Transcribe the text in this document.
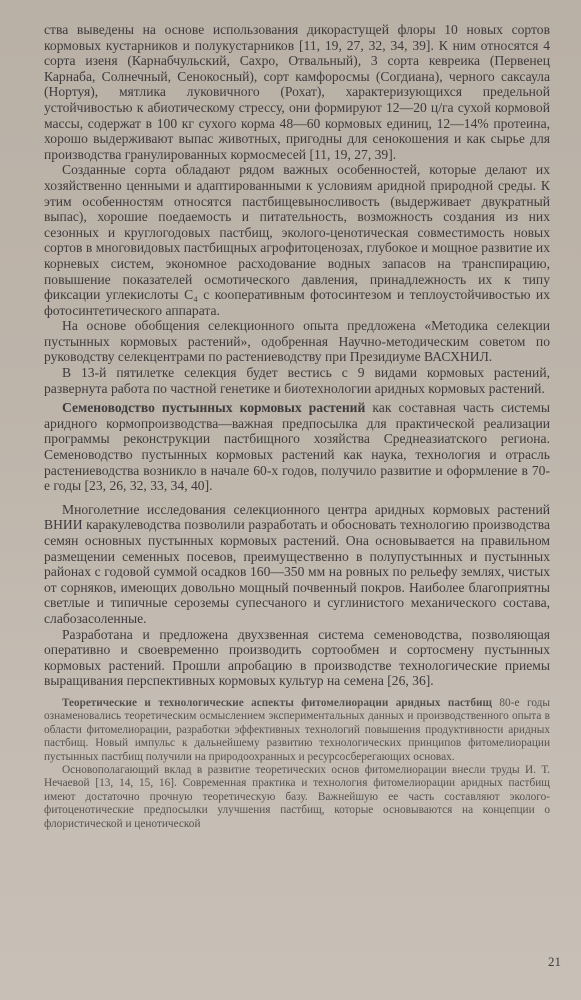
ства выведены на основе использования дикорастущей флоры 10 новых сортов кормовых кустарников и полукустарников [11, 19, 27, 32, 34, 39]. К ним относятся 4 сорта изеня (Карнабчульский, Сахро, Отвальный), 3 сорта кевреика (Первенец Карнаба, Солнечный, Сенокосный), сорт камфоросмы (Согдиана), черного саксаула (Нортуя), мятлика луковичного (Рохат), характеризующихся предельной устойчивостью к абиотическому стрессу, они формируют 12—20 ц/га сухой кормовой массы, содержат в 100 кг сухого корма 48—60 кормовых единиц, 12—14% протеина, хорошо выдерживают выпас животных, пригодны для сенокошения и как сырье для производства гранулированных кормосмесей [11, 19, 27, 39].

Созданные сорта обладают рядом важных особенностей, которые делают их хозяйственно ценными и адаптированными к условиям аридной природной среды. К этим особенностям относятся пастбищевыносливость (выдерживает двукратный выпас), хорошие поедаемость и питательность, возможность создания из них сезонных и круглогодовых пастбищ, эколого-ценотическая совместимость новых сортов в многовидовых пастбищных агрофитоценозах, глубокое и мощное развитие их корневых систем, экономное расходование водных запасов на транспирацию, повышение показателей осмотического давления, принадлежность их к типу фиксации углекислоты С₄ с кооперативным фотосинтезом и теплоустойчивостью их фотосинтетического аппарата.

На основе обобщения селекционного опыта предложена «Методика селекции пустынных кормовых растений», одобренная Научно-методическим советом по руководству селекцентрами по растениеводству при Президиуме ВАСХНИЛ.

В 13-й пятилетке селекция будет вестись с 9 видами кормовых растений, развернута работа по частной генетике и биотехнологии аридных кормовых растений.

Семеноводство пустынных кормовых растений как составная часть системы аридного кормопроизводства—важная предпосылка для практической реализации программы реконструкции пастбищного хозяйства Среднеазиатского региона. Семеноводство пустынных кормовых растений как наука, технология и отрасль растениеводства возникло в начале 60-х годов, получило развитие и оформление в 70-е годы [23, 26, 32, 33, 34, 40].

Многолетние исследования селекционного центра аридных кормовых растений ВНИИ каракулеводства позволили разработать и обосновать технологию производства семян основных пустынных кормовых растений. Она основывается на правильном размещении семенных посевов, преимущественно в полупустынных и пустынных районах с годовой суммой осадков 160—350 мм на ровных по рельефу землях, чистых от сорняков, имеющих довольно мощный почвенный покров. Наиболее благоприятны светлые и типичные сероземы супесчаного и суглинистого механического состава, слабозасоленные.

Разработана и предложена двухзвенная система семеноводства, позволяющая оперативно и своевременно производить сортообмен и сортосмену пустынных кормовых растений. Прошли апробацию в производстве технологические приемы выращивания перспективных кормовых культур на семена [26, 36].

Теоретические и технологические аспекты фитомелиорации аридных пастбищ 80-е годы ознаменовались теоретическим осмыслением экспериментальных данных и производственного опыта в области фитомелиорации, разработки эффективных технологий повышения продуктивности аридных пастбищ. Новый импульс к дальнейшему развитию технологических принципов фитомелиорации пустынных пастбищ получили на природоохранных и ресурсосберегающих основах.

Основополагающий вклад в развитие теоретических основ фитомелиорации внесли труды И. Т. Нечаевой [13, 14, 15, 16]. Современная практика и технология фитомелиорации аридных пастбищ имеют достаточно прочную теоретическую базу. Важнейшую ее часть составляют эколого-фитоценотические предпосылки улучшения пастбищ, которые основываются на концепции о флористической и ценотической

21
